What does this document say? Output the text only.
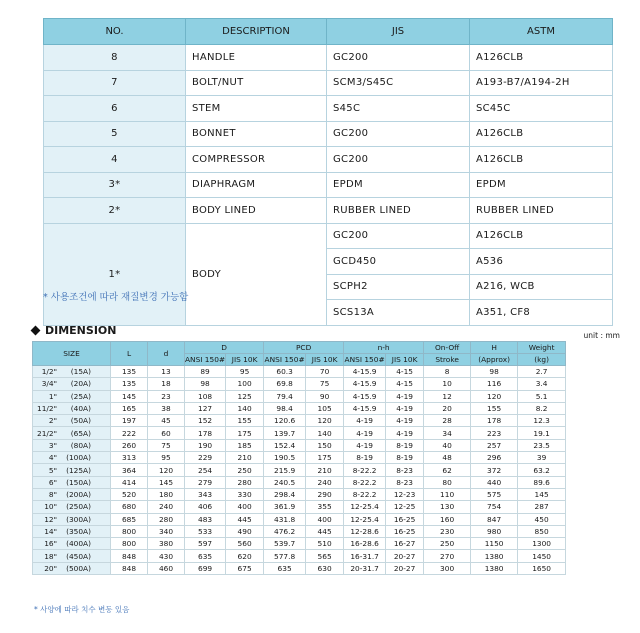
NO.	DESCRIPTION	JIS	ASTM
8	HANDLE	GC200	A126CLB
7	BOLT/NUT	SCM3/S45C	A193-B7/A194-2H
6	STEM	S45C	SC45C
5	BONNET	GC200	A126CLB
4	COMPRESSOR	GC200	A126CLB
3*	DIAPHRAGM	EPDM	EPDM
2*	BODY LINED	RUBBER LINED	RUBBER LINED
1*	BODY	GC200	A126CLB
		GCD450	A536
		SCPH2	A216, WCB
		SCS13A	A351, CF8
* 사용조건에 따라 재질변경 가능함
DIMENSION	unit : mm
SIZE	L	d	D		PCD		n-h		On-Off	H	Weight
			ANSI 150#	JIS 10K	ANSI 150#	JIS 10K	ANSI 150#	JIS 10K	Stroke	(Approx)	(kg)
1/2" (15A)	135	13	89	95	60.3	70	4-15.9	4-15	8	98	2.7
3/4" (20A)	135	18	98	100	69.8	75	4-15.9	4-15	10	116	3.4
1" (25A)	145	23	108	125	79.4	90	4-15.9	4-19	12	120	5.1
11/2" (40A)	165	38	127	140	98.4	105	4-15.9	4-19	20	155	8.2
2" (50A)	197	45	152	155	120.6	120	4-19	4-19	28	178	12.3
21/2" (65A)	222	60	178	175	139.7	140	4-19	4-19	34	223	19.1
3" (80A)	260	75	190	185	152.4	150	4-19	8-19	40	257	23.5
4" (100A)	313	95	229	210	190.5	175	8-19	8-19	48	296	39
5" (125A)	364	120	254	250	215.9	210	8-22.2	8-23	62	372	63.2
6" (150A)	414	145	279	280	240.5	240	8-22.2	8-23	80	440	89.6
8" (200A)	520	180	343	330	298.4	290	8-22.2	12-23	110	575	145
10" (250A)	680	240	406	400	361.9	355	12-25.4	12-25	130	754	287
12" (300A)	685	280	483	445	431.8	400	12-25.4	16-25	160	847	450
14" (350A)	800	340	533	490	476.2	445	12-28.6	16-25	230	980	850
16" (400A)	800	380	597	560	539.7	510	16-28.6	16-27	250	1150	1300
18" (450A)	848	430	635	620	577.8	565	16-31.7	20-27	270	1380	1450
20" (500A)	848	460	699	675	635	630	20-31.7	20-27	300	1380	1650
* 사양에 따라 치수 변동 있음
